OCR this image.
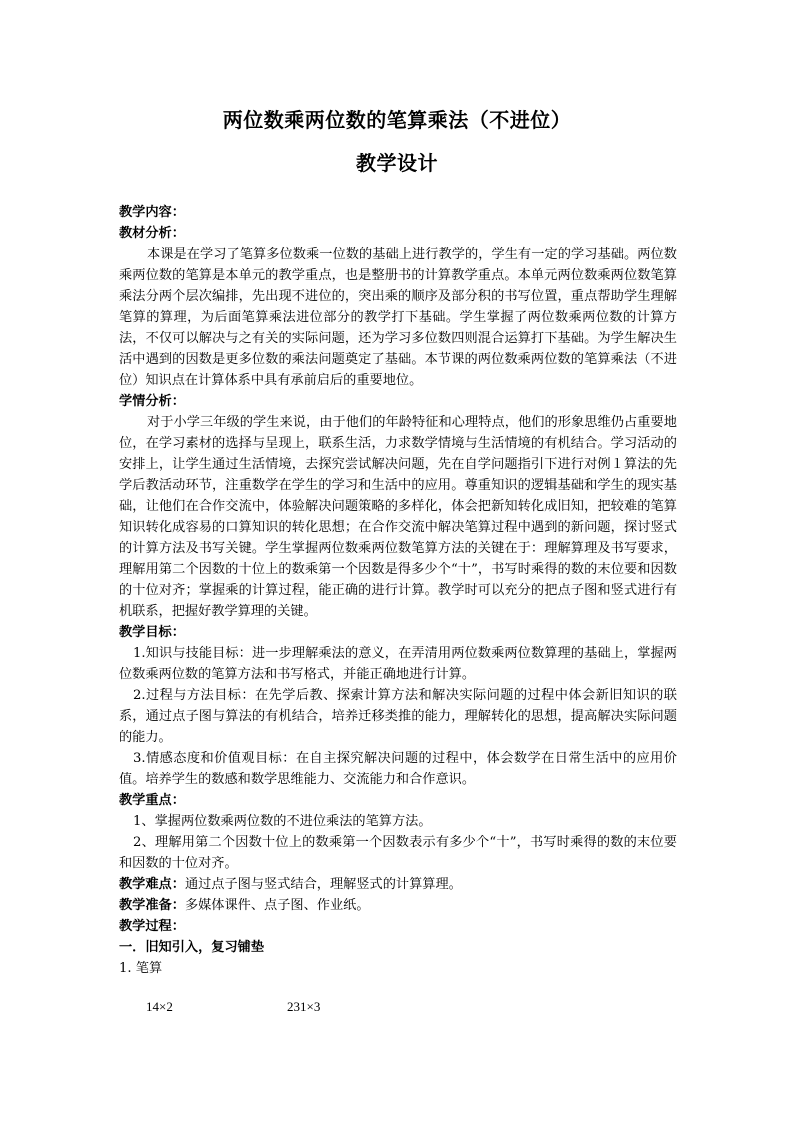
两位数乘两位数的笔算乘法（不进位）
教学设计

教学内容：

教材分析：

本课是在学习了笔算多位数乘一位数的基础上进行教学的，学生有一定的学习基础。两位数乘两位数的笔算是本单元的教学重点，也是整册书的计算教学重点。本单元两位数乘两位数笔算乘法分两个层次编排，先出现不进位的，突出乘的顺序及部分积的书写位置，重点帮助学生理解笔算的算理，为后面笔算乘法进位部分的教学打下基础。学生掌握了两位数乘两位数的计算方法，不仅可以解决与之有关的实际问题，还为学习多位数四则混合运算打下基础。为学生解决生活中遇到的因数是更多位数的乘法问题奠定了基础。本节课的两位数乘两位数的笔算乘法（不进位）知识点在计算体系中具有承前启后的重要地位。

学情分析：

对于小学三年级的学生来说，由于他们的年龄特征和心理特点，他们的形象思维仍占重要地位，在学习素材的选择与呈现上，联系生活，力求数学情境与生活情境的有机结合。学习活动的安排上，让学生通过生活情境，去探究尝试解决问题，先在自学问题指引下进行对例１算法的先学后教活动环节，注重数学在学生的学习和生活中的应用。尊重知识的逻辑基础和学生的现实基础，让他们在合作交流中，体验解决问题策略的多样化，体会把新知转化成旧知，把较难的笔算知识转化成容易的口算知识的转化思想；在合作交流中解决笔算过程中遇到的新问题，探讨竖式的计算方法及书写关键。学生掌握两位数乘两位数笔算方法的关键在于：理解算理及书写要求，理解用第二个因数的十位上的数乘第一个因数是得多少个“十”，书写时乘得的数的末位要和因数的十位对齐；掌握乘的计算过程，能正确的进行计算。教学时可以充分的把点子图和竖式进行有机联系，把握好教学算理的关键。

教学目标：

1.知识与技能目标：进一步理解乘法的意义，在弄清用两位数乘两位数算理的基础上，掌握两位数乘两位数的笔算方法和书写格式，并能正确地进行计算。

2.过程与方法目标：在先学后教、探索计算方法和解决实际问题的过程中体会新旧知识的联系，通过点子图与算法的有机结合，培养迁移类推的能力，理解转化的思想，提高解决实际问题的能力。

3.情感态度和价值观目标：在自主探究解决问题的过程中，体会数学在日常生活中的应用价值。培养学生的数感和数学思维能力、交流能力和合作意识。

教学重点：

1、掌握两位数乘两位数的不进位乘法的笔算方法。

2、理解用第二个因数十位上的数乘第一个因数表示有多少个“十”，书写时乘得的数的末位要和因数的十位对齐。

教学难点：通过点子图与竖式结合，理解竖式的计算算理。

教学准备：多媒体课件、点子图、作业纸。

教学过程：

一．旧知引入，复习铺垫

1. 笔算

14×2	231×3
